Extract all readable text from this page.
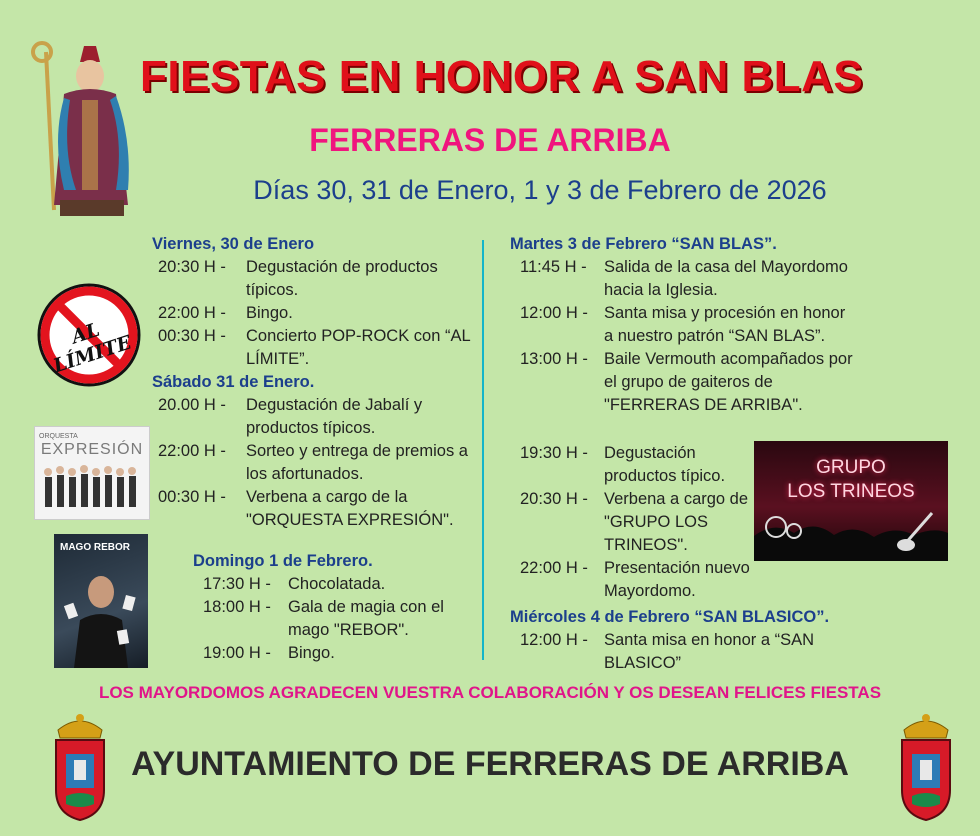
FIESTAS EN HONOR A SAN BLAS
FERRERAS DE ARRIBA
Días 30, 31 de Enero, 1 y 3 de Febrero de 2026
Viernes, 30 de Enero
20:30 H -	Degustación de productos típicos.
22:00 H -	Bingo.
00:30 H -	Concierto POP-ROCK con “AL LÍMITE”.
Sábado 31 de Enero.
20.00 H -	Degustación de Jabalí y productos típicos.
22:00 H -	Sorteo y entrega de premios a los afortunados.
00:30 H -	Verbena a cargo de la "ORQUESTA EXPRESIÓN".
Domingo 1 de Febrero.
17:30 H -	Chocolatada.
18:00 H -	Gala de magia con el mago "REBOR".
19:00 H -	Bingo.
Martes 3 de Febrero “SAN BLAS”.
11:45 H -	Salida de la casa del Mayordomo hacia la Iglesia.
12:00 H - Santa misa y procesión en honor a nuestro patrón “SAN BLAS”.
13:00 H - Baile Vermouth acompañados por el grupo de gaiteros de "FERRERAS DE ARRIBA".
19:30 H - Degustación productos típico.
20:30 H - Verbena a cargo de "GRUPO LOS TRINEOS".
22:00 H - Presentación nuevo Mayordomo.
Miércoles 4 de Febrero “SAN BLASICO”.
12:00 H - Santa misa en honor a “SAN BLASICO”
AL LÍMITE
ORQUESTA
EXPRESIÓN
MAGO REBOR
GRUPO
LOS TRINEOS
LOS MAYORDOMOS AGRADECEN VUESTRA COLABORACIÓN Y OS DESEAN FELICES FIESTAS
AYUNTAMIENTO DE FERRERAS DE ARRIBA
